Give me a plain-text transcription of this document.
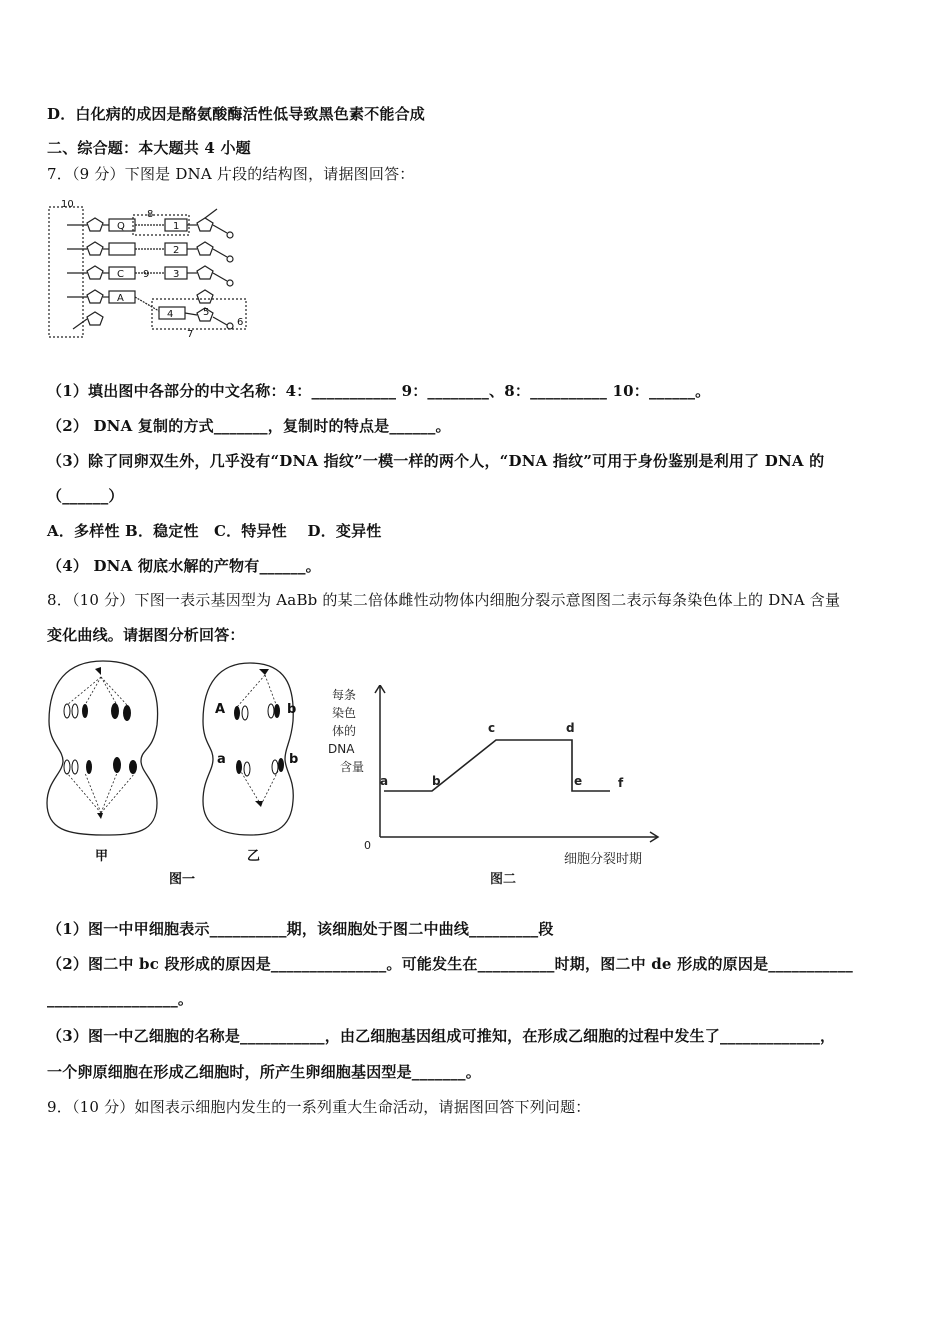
D．白化病的成因是酪氨酸酶活性低导致黑色素不能合成
二、综合题：本大题共 4 小题
7．（9 分）下图是 DNA 片段的结构图，请据图回答：
10
8
Q	1
2
C 9 3
A
4	5
6
7
（1）填出图中各部分的中文名称：4：___________ 9：________、8：__________ 10：______。
（2） DNA 复制的方式_______，复制时的特点是______。
（3）除了同卵双生外，几乎没有“DNA 指纹”一模一样的两个人，“DNA 指纹”可用于身份鉴别是利用了 DNA 的
（______）
A．多样性 B．稳定性　C．特异性　 D．变异性
（4） DNA 彻底水解的产物有______。
8．（10 分）下图一表示基因型为 AaBb 的某二倍体雌性动物体内细胞分裂示意图图二表示每条染色体上的 DNA 含量
变化曲线。请据图分析回答：
A	b
a	b
甲	乙
图一
每条
染色
体的
DNA
含量
0
a	b
c	d
e	f
细胞分裂时期
图二
（1）图一中甲细胞表示__________期，该细胞处于图二中曲线_________段
（2）图二中 bc 段形成的原因是_______________。可能发生在__________时期，图二中 de 形成的原因是___________
_________________。
（3）图一中乙细胞的名称是___________，由乙细胞基因组成可推知，在形成乙细胞的过程中发生了_____________，
一个卵原细胞在形成乙细胞时，所产生卵细胞基因型是_______。
9．（10 分）如图表示细胞内发生的一系列重大生命活动，请据图回答下列问题：
